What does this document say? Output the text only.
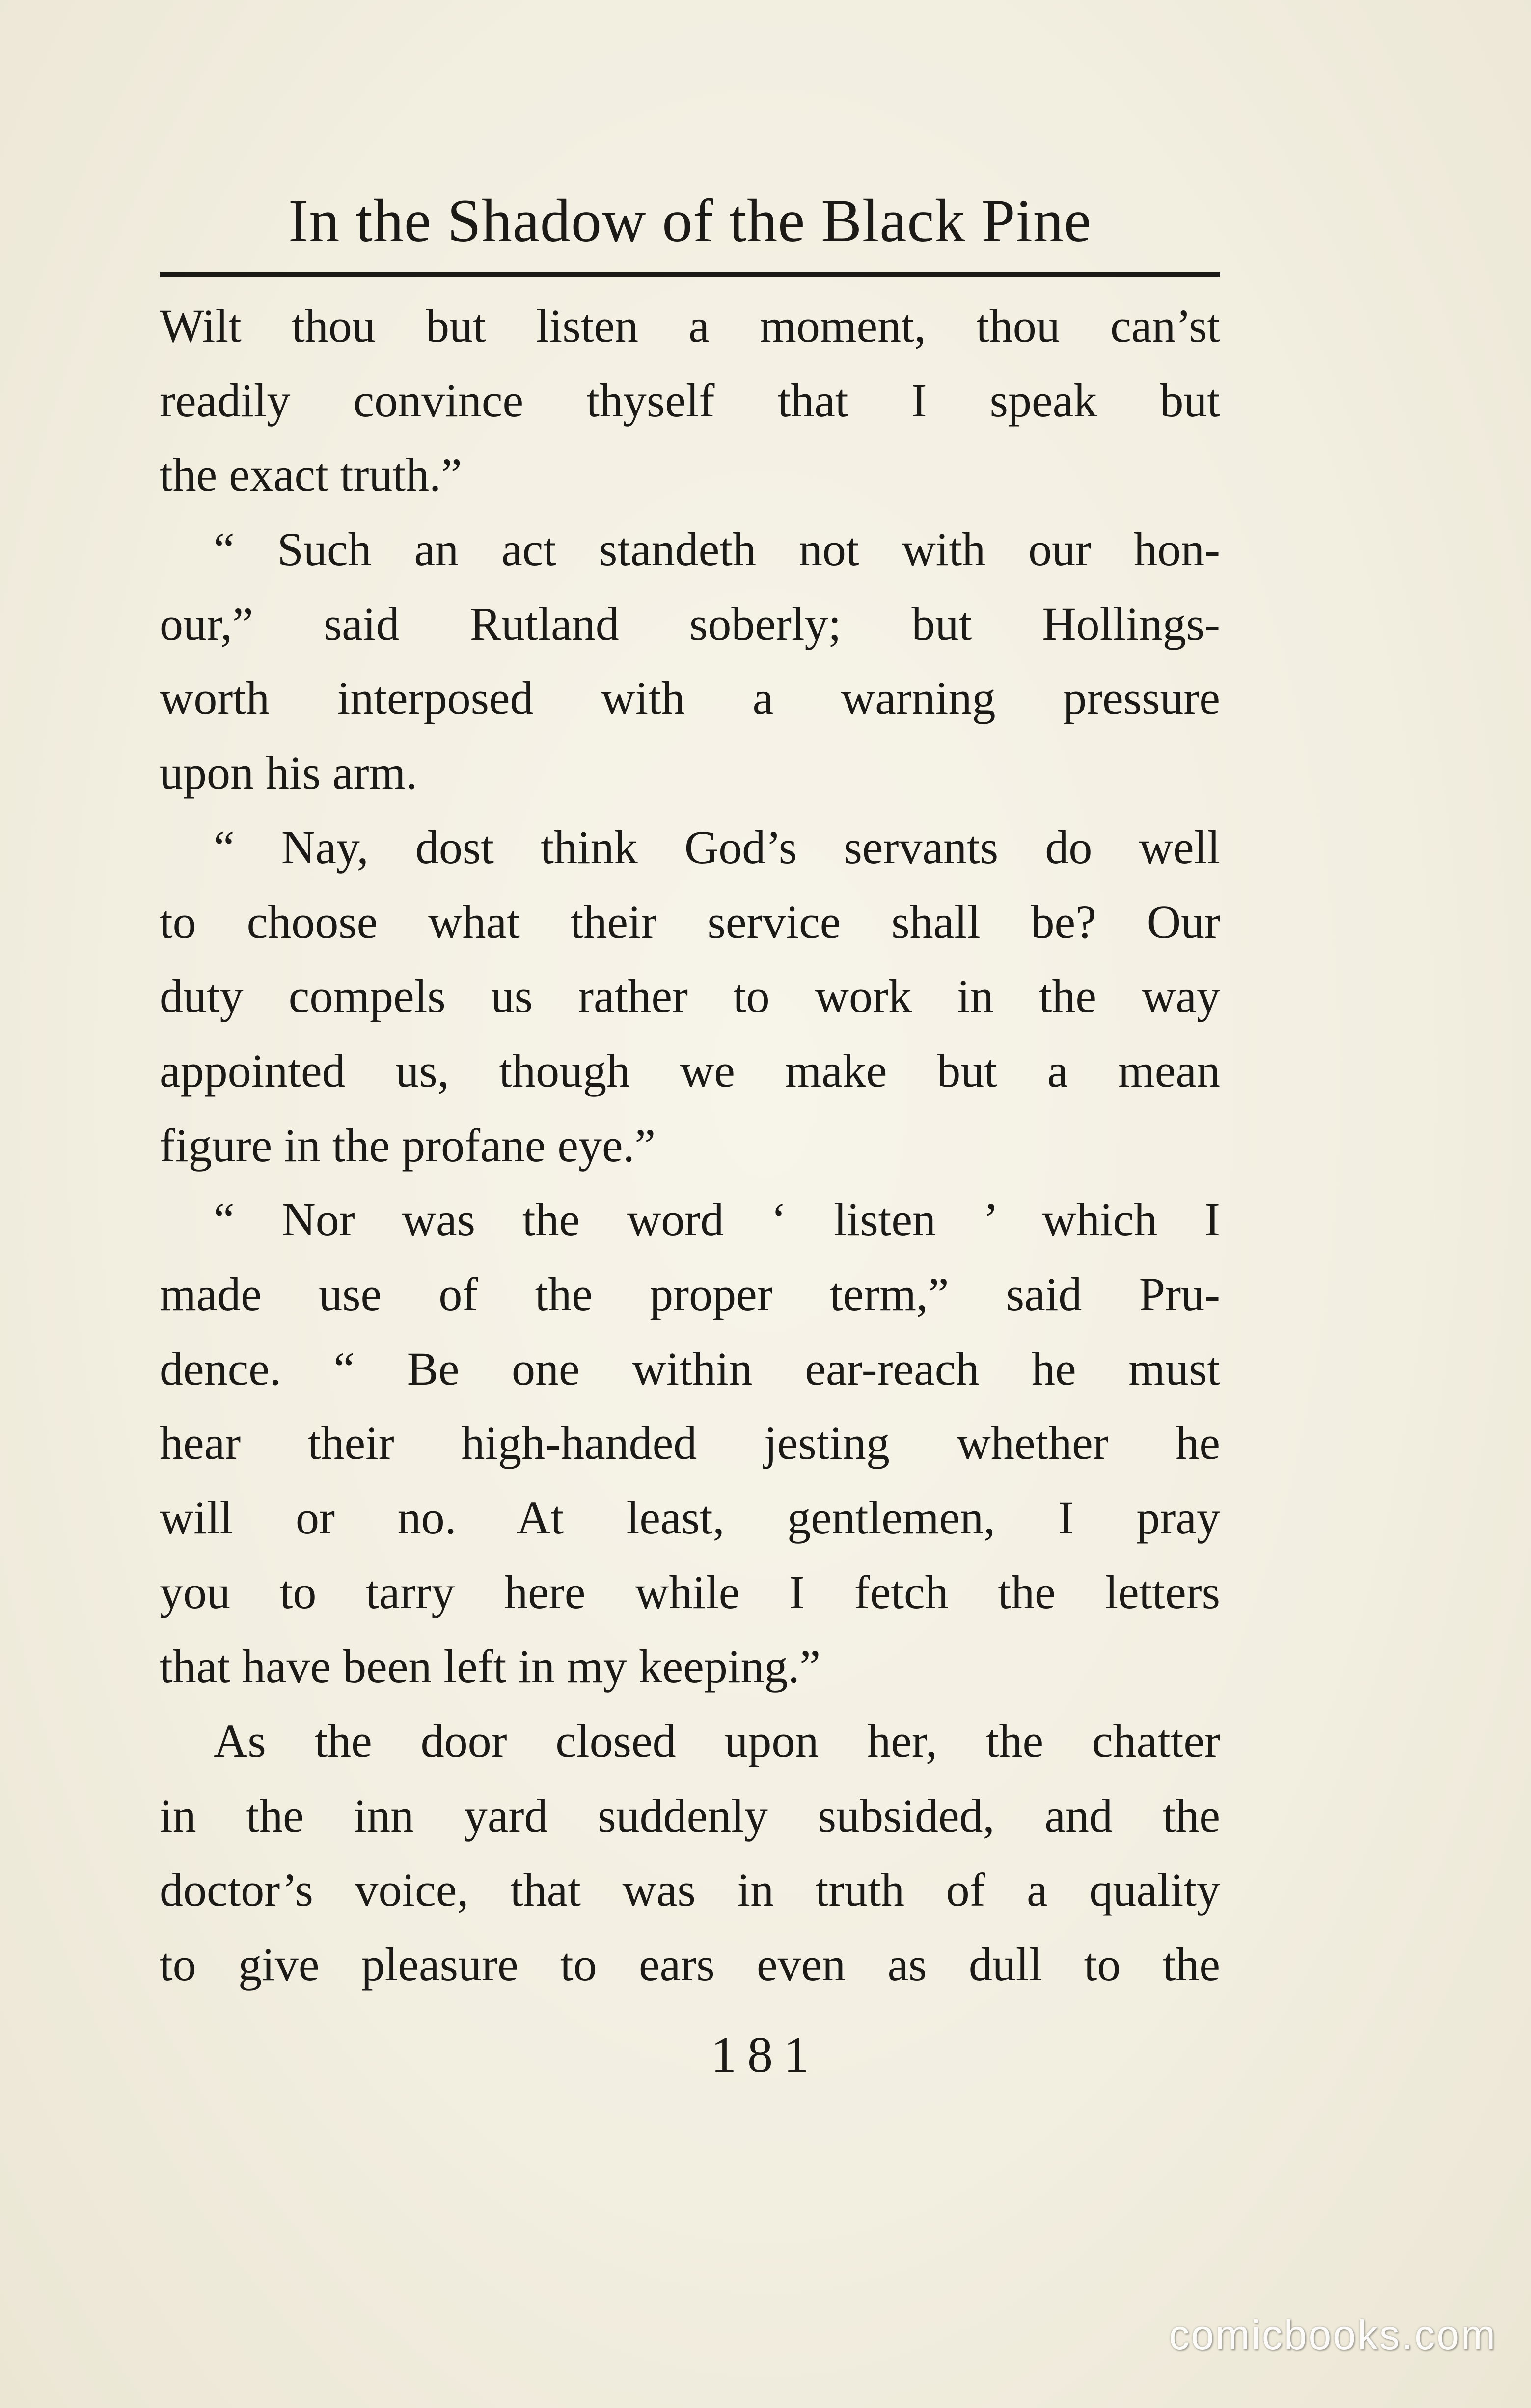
In the Shadow of the Black Pine
Wilt thou but listen a moment, thou can’st
readily convince thyself that I speak but
the exact truth.”
“ Such an act standeth not with our hon-
our,” said Rutland soberly; but Hollings-
worth interposed with a warning pressure
upon his arm.
“ Nay, dost think God’s servants do well
to choose what their service shall be? Our
duty compels us rather to work in the way
appointed us, though we make but a mean
figure in the profane eye.”
“ Nor was the word ‘ listen ’ which I
made use of the proper term,” said Pru-
dence. “ Be one within ear-reach he must
hear their high-handed jesting whether he
will or no. At least, gentlemen, I pray
you to tarry here while I fetch the letters
that have been left in my keeping.”
As the door closed upon her, the chatter
in the inn yard suddenly subsided, and the
doctor’s voice, that was in truth of a quality
to give pleasure to ears even as dull to the
181
comicbooks.com
